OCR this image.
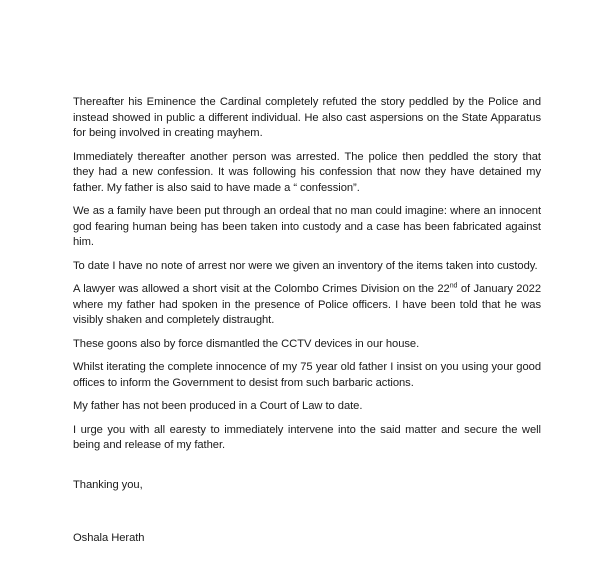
Thereafter his Eminence the Cardinal completely refuted the story peddled by the Police and instead showed in public a different individual. He also cast aspersions on the State Apparatus for being involved in creating mayhem.

Immediately thereafter another person was arrested. The police then peddled the story that they had a new confession. It was following his confession that now they have detained my father. My father is also said to have made a “ confession”.

We as a family have been put through an ordeal that no man could imagine: where an innocent god fearing human being has been taken into custody and a case has been fabricated against him.

To date I have no note of arrest nor were we given an inventory of the items taken into custody.

A lawyer was allowed a short visit at the Colombo Crimes Division on the 22nd of January 2022 where my father had spoken in the presence of Police officers. I have been told that he was visibly shaken and completely distraught.

These goons also by force dismantled the CCTV devices in our house.

Whilst iterating the complete innocence of my 75 year old father I insist on you using your good offices to inform the Government to desist from such barbaric actions.

My father has not been produced in a Court of Law to date.

I urge you with all earesty to immediately intervene into the said matter and secure the well being and release of my father.

Thanking you,

Oshala Herath
